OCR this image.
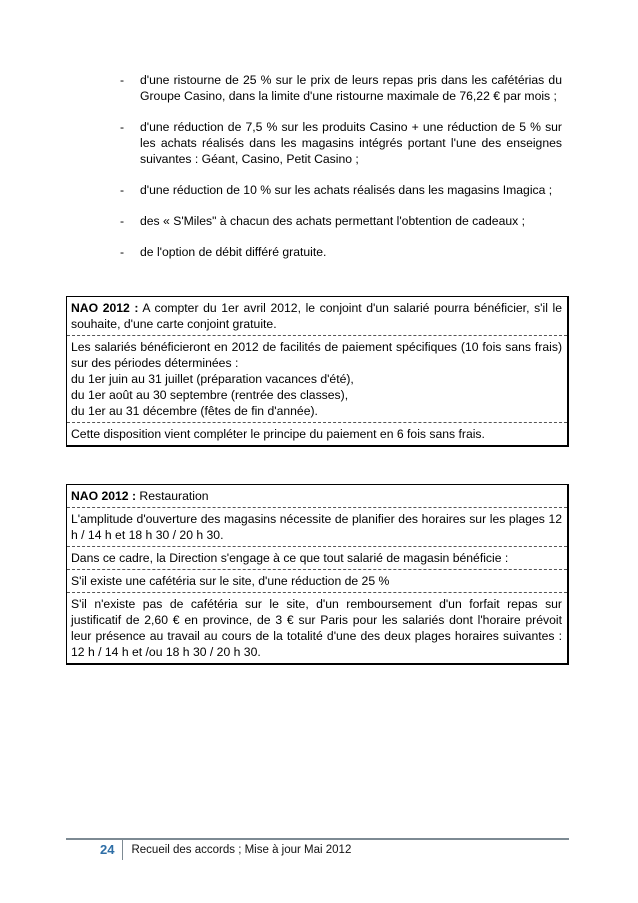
- d'une ristourne de 25 % sur le prix de leurs repas pris dans les cafétérias du Groupe Casino, dans la limite d'une ristourne maximale de 76,22 € par mois ;
- d'une réduction de 7,5 % sur les produits Casino + une réduction de 5 % sur les achats réalisés dans les magasins intégrés portant l'une des enseignes suivantes : Géant, Casino, Petit Casino ;
- d'une réduction de 10 % sur les achats réalisés dans les magasins Imagica ;
- des « S'Miles" à chacun des achats permettant l'obtention de cadeaux ;
- de l'option de débit différé gratuite.
NAO 2012 : A compter du 1er avril 2012, le conjoint d'un salarié pourra bénéficier, s'il le souhaite, d'une carte conjoint gratuite.

Les salariés bénéficieront en 2012 de facilités de paiement spécifiques (10 fois sans frais) sur des périodes déterminées :

du 1er juin au 31 juillet (préparation vacances d'été),

du 1er août au 30 septembre (rentrée des classes),

du 1er au 31 décembre (fêtes de fin d'année).

Cette disposition vient compléter le principe du paiement en 6 fois sans frais.

NAO 2012 : Restauration

L'amplitude d'ouverture des magasins nécessite de planifier des horaires sur les plages 12 h / 14 h et 18 h 30 / 20 h 30.

Dans ce cadre, la Direction s'engage à ce que tout salarié de magasin bénéficie :

S'il existe une cafétéria sur le site, d'une réduction de 25 %

S'il n'existe pas de cafétéria sur le site, d'un remboursement d'un forfait repas sur justificatif de 2,60 € en province, de 3 € sur Paris pour les salariés dont l'horaire prévoit leur présence au travail au cours de la totalité d'une des deux plages horaires suivantes : 12 h / 14 h et /ou 18 h 30 / 20 h 30.

24	Recueil des accords ; Mise à jour Mai 2012
